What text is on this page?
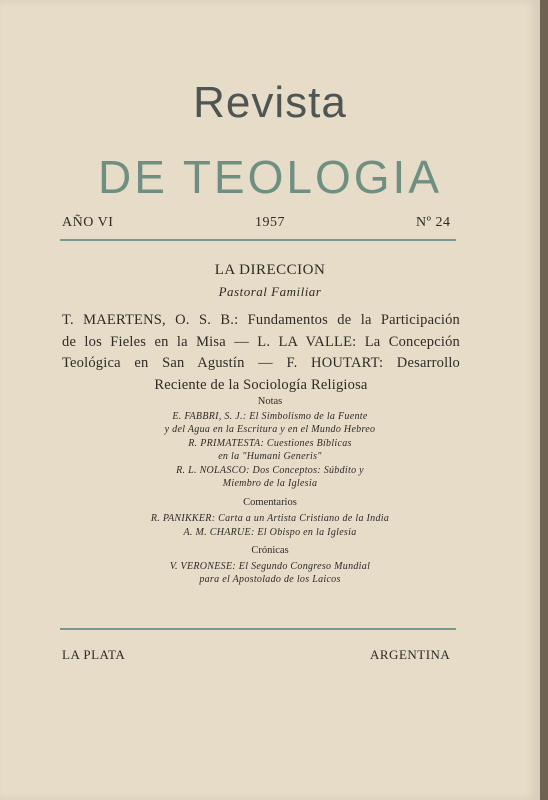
Revista
DE TEOLOGIA
AÑO VI	1957	Nº 24
LA DIRECCION
Pastoral Familiar
T. MAERTENS, O. S. B.: Fundamentos de la Participación
de los Fieles en la Misa — L. LA VALLE: La Concepción
Teológica en San Agustín — F. HOUTART: Desarrollo
Reciente de la Sociología Religiosa
Notas
E. FABBRI, S. J.: El Simbolismo de la Fuente
y del Agua en la Escritura y en el Mundo Hebreo
R. PRIMATESTA: Cuestiones Bíblicas
en la "Humani Generis"
R. L. NOLASCO: Dos Conceptos: Súbdito y
Miembro de la Iglesia
Comentarios
R. PANIKKER: Carta a un Artista Cristiano de la India
A. M. CHARUE: El Obispo en la Iglesia
Crónicas
V. VERONESE: El Segundo Congreso Mundial
para el Apostolado de los Laicos
LA PLATA	ARGENTINA
